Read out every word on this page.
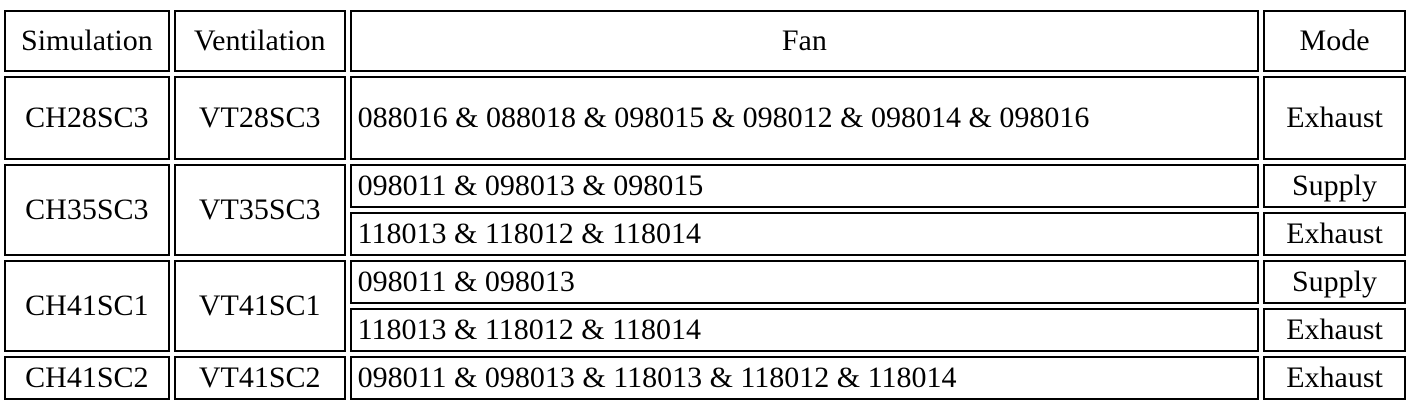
Simulation	Ventilation	Fan	Mode
CH28SC3	VT28SC3	088016 & 088018 & 098015 & 098012 & 098014 & 098016	Exhaust
CH35SC3	VT35SC3	098011 & 098013 & 098015	Supply
		118013 & 118012 & 118014	Exhaust
CH41SC1	VT41SC1	098011 & 098013	Supply
		118013 & 118012 & 118014	Exhaust
CH41SC2	VT41SC2	098011 & 098013 & 118013 & 118012 & 118014	Exhaust
